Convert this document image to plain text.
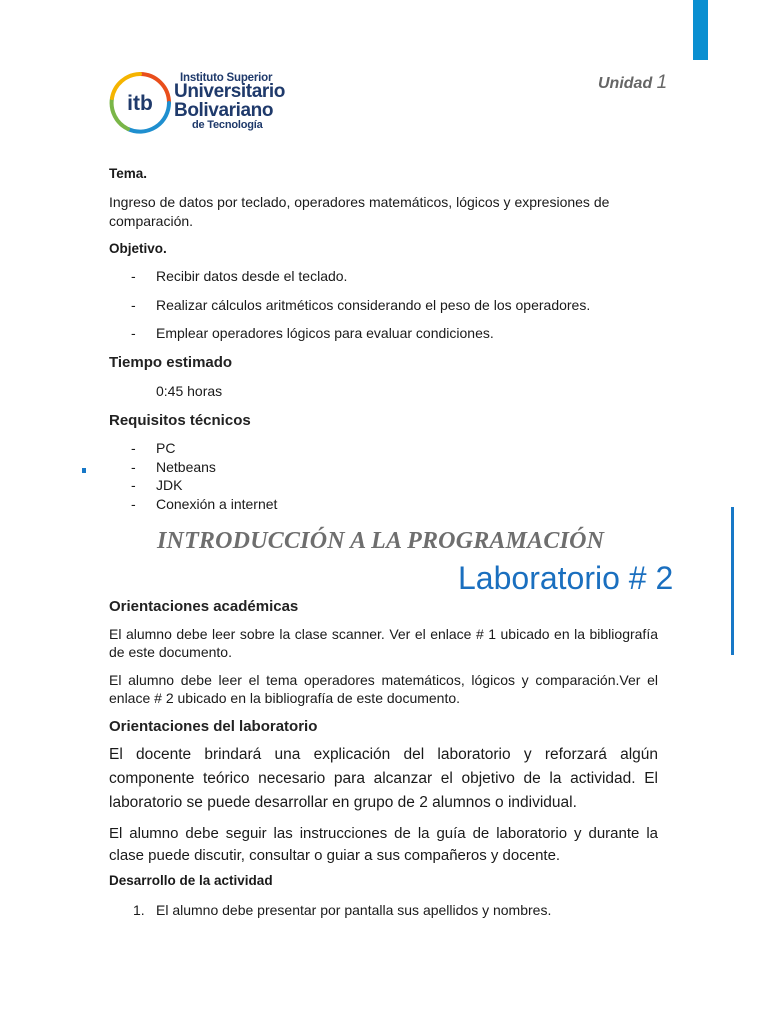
itb
Instituto Superior
Universitario
Bolivariano
de Tecnología
Unidad 1
Tema.
Ingreso de datos por teclado, operadores matemáticos, lógicos y expresiones de comparación.
Objetivo.
- Recibir datos desde el teclado.
- Realizar cálculos aritméticos considerando el peso de los operadores.
- Emplear operadores lógicos para evaluar condiciones.
Tiempo estimado
0:45 horas
Requisitos técnicos
- PC
- Netbeans
- JDK
- Conexión a internet
INTRODUCCIÓN A LA PROGRAMACIÓN
Laboratorio # 2
Orientaciones académicas
El alumno debe leer sobre la clase scanner. Ver el enlace # 1 ubicado en la bibliografía de este documento.
El alumno debe leer el tema operadores matemáticos, lógicos y comparación.Ver el enlace # 2 ubicado en la bibliografía de este documento.
Orientaciones del laboratorio
El docente brindará una explicación del laboratorio y reforzará algún componente teórico necesario para alcanzar el objetivo de la actividad. El laboratorio se puede desarrollar en grupo de 2 alumnos o individual.
El alumno debe seguir las instrucciones de la guía de laboratorio y durante la clase puede discutir, consultar o guiar a sus compañeros y docente.
Desarrollo de la actividad
1. El alumno debe presentar por pantalla sus apellidos y nombres.
